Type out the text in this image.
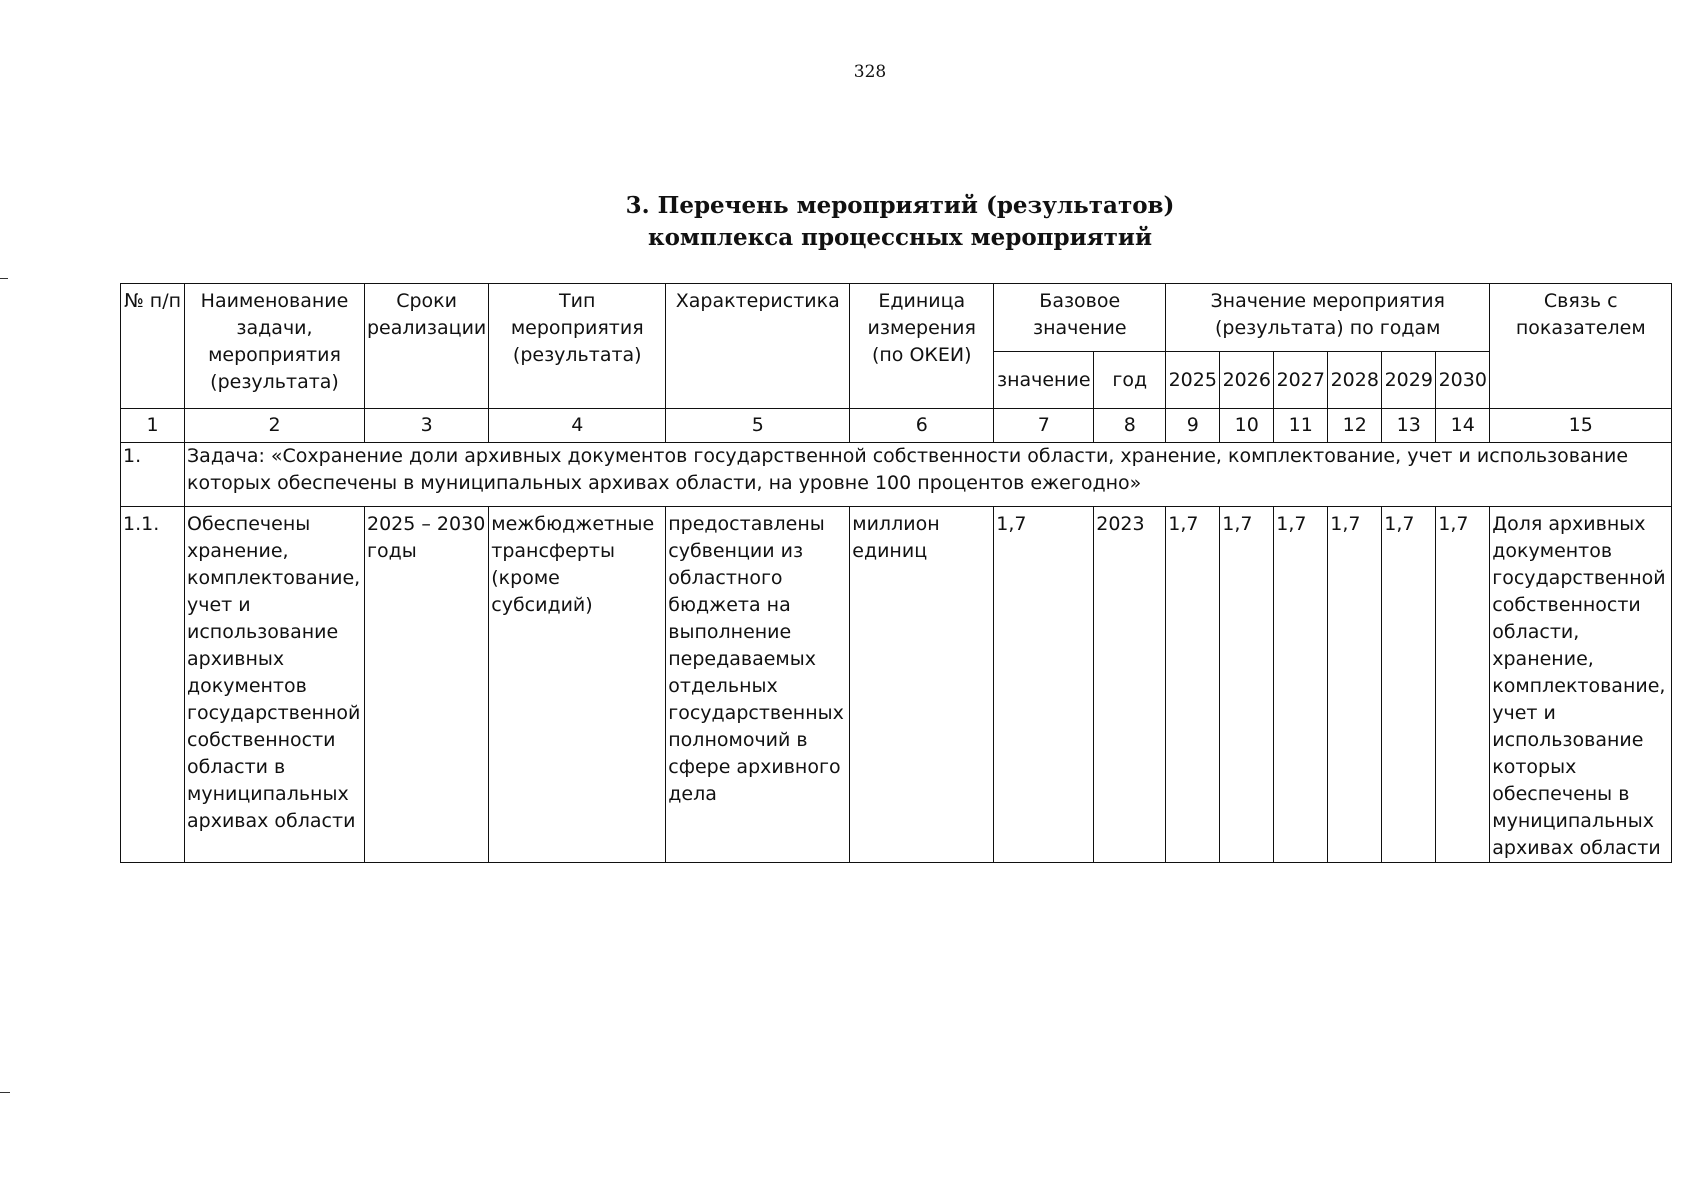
328
3. Перечень мероприятий (результатов)
комплекса процессных мероприятий
№ п/п	Наименование задачи, мероприятия (результата)	Сроки реализации	Тип мероприятия (результата)	Характеристика	Единица измерения (по ОКЕИ)	Базовое значение		Значение мероприятия (результата) по годам						Связь с показателем
						значение	год	2025	2026	2027	2028	2029	2030	
1	2	3	4	5	6	7	8	9	10	11	12	13	14	15
1.	Задача: «Сохранение доли архивных документов государственной собственности области, хранение, комплектование, учет и использование которых обеспечены в муниципальных архивах области, на уровне 100 процентов ежегодно»													
1.1.	Обеспечены хранение, комплектование, учет и использование архивных документов государственной собственности области в муниципальных архивах области	2025 – 2030 годы	межбюджетные трансферты (кроме субсидий)	предоставлены субвенции из областного бюджета на выполнение передаваемых отдельных государственных полномочий в сфере архивного дела	миллион единиц	1,7	2023	1,7	1,7	1,7	1,7	1,7	1,7	Доля архивных документов государственной собственности области, хранение, комплектование, учет и использование которых обеспечены в муниципальных архивах области
